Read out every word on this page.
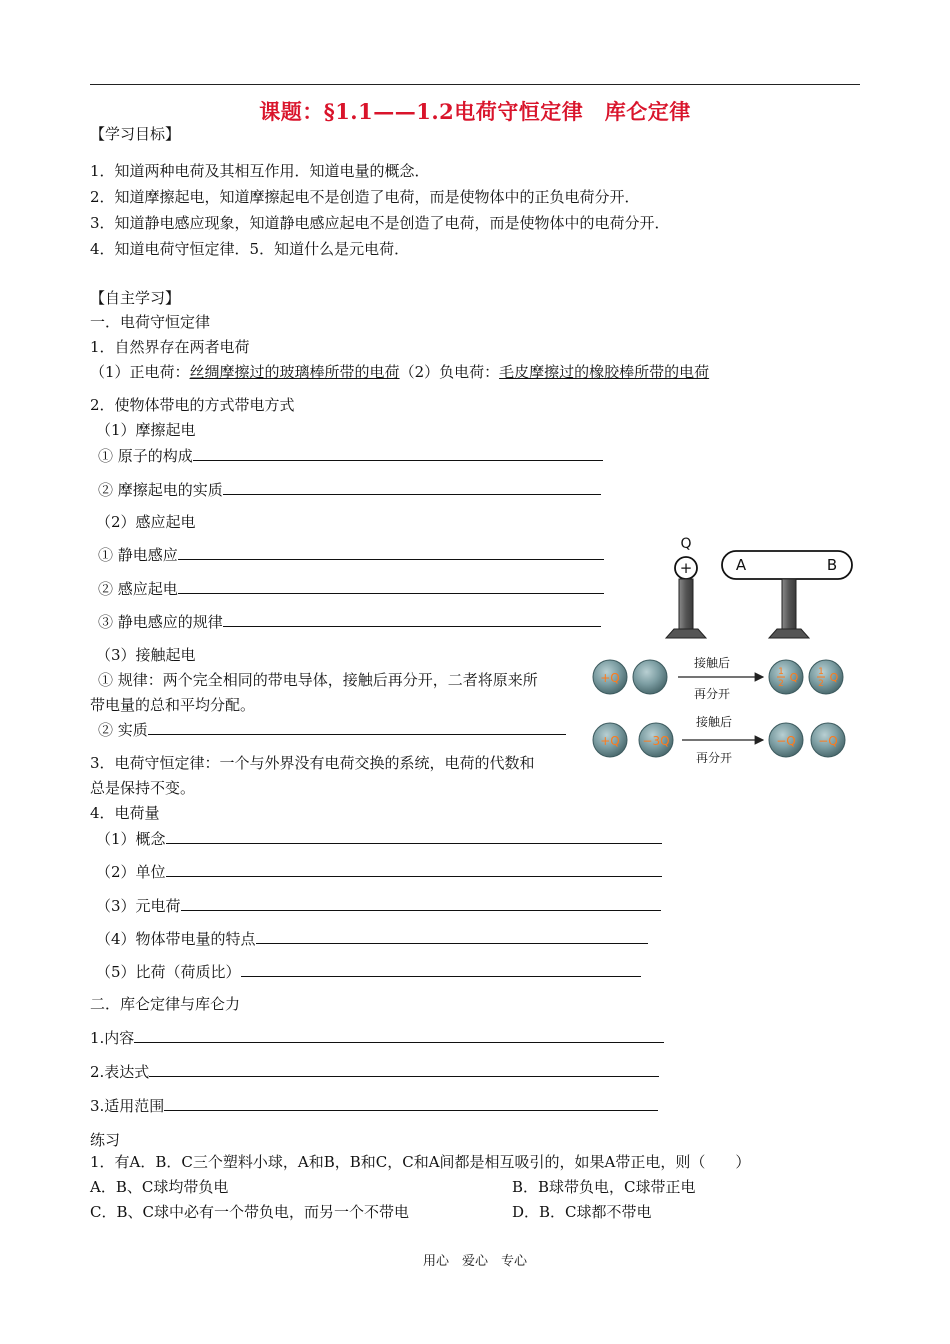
课题：§1.1——1.2电荷守恒定律　库仑定律
【学习目标】
1．知道两种电荷及其相互作用．知道电量的概念．
2．知道摩擦起电，知道摩擦起电不是创造了电荷，而是使物体中的正负电荷分开．
3．知道静电感应现象，知道静电感应起电不是创造了电荷，而是使物体中的电荷分开．
4．知道电荷守恒定律．5．知道什么是元电荷．
【自主学习】
一．电荷守恒定律
1．自然界存在两者电荷
（1）正电荷：丝绸摩擦过的玻璃棒所带的电荷（2）负电荷：毛皮摩擦过的橡胶棒所带的电荷
2．使物体带电的方式带电方式
（1）摩擦起电
① 原子的构成
② 摩擦起电的实质
（2）感应起电
① 静电感应
② 感应起电
③ 静电感应的规律
（3）接触起电
① 规律：两个完全相同的带电导体，接触后再分开，二者将原来所
带电量的总和平均分配。
② 实质
3．电荷守恒定律：一个与外界没有电荷交换的系统，电荷的代数和
总是保持不变。
4．电荷量
（1）概念
（2）单位
（3）元电荷
（4）物体带电量的特点
（5）比荷（荷质比）
二．库仑定律与库仑力
1.内容
2.表达式
3.适用范围
练习
1．有A．B．C三个塑料小球，A和B，B和C，C和A间都是相互吸引的，如果A带正电，则（　　）
A．B、C球均带负电	B．B球带负电，C球带正电
C．B、C球中必有一个带负电，而另一个不带电	D．B．C球都不带电
Q
+	A	B
+Q
接触后
再分开
1
2 Q 1
2 Q
+Q −3Q
接触后
再分开
−Q −Q
用心　爱心　专心
